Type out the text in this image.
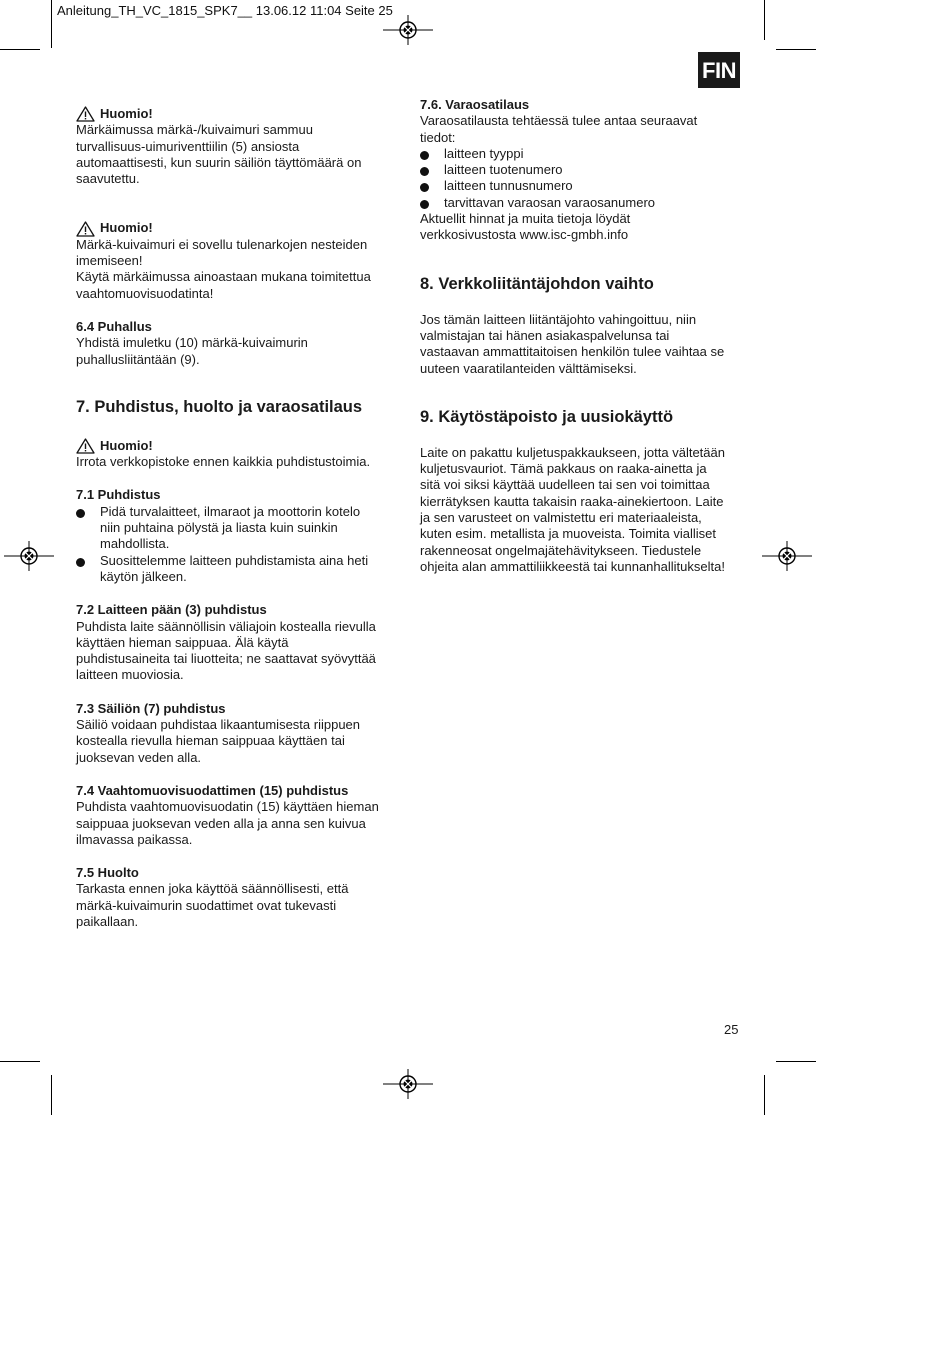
Anleitung_TH_VC_1815_SPK7__ 13.06.12 11:04 Seite 25
FIN
Huomio!
Märkäimussa märkä-/kuivaimuri sammuu
turvallisuus-uimuriventtiilin (5) ansiosta
automaattisesti, kun suurin säiliön täyttömäärä on
saavutettu.
Huomio!
Märkä-kuivaimuri ei sovellu tulenarkojen nesteiden
imemiseen!
Käytä märkäimussa ainoastaan mukana toimitettua
vaahtomuovisuodatinta!
6.4 Puhallus
Yhdistä imuletku (10) märkä-kuivaimurin
puhallusliitäntään (9).
7. Puhdistus, huolto ja varaosatilaus
Huomio!
Irrota verkkopistoke ennen kaikkia puhdistustoimia.
7.1 Puhdistus
Pidä turvalaitteet, ilmaraot ja moottorin kotelo
niin puhtaina pölystä ja liasta kuin suinkin
mahdollista.
Suosittelemme laitteen puhdistamista aina heti
käytön jälkeen.
7.2 Laitteen pään (3) puhdistus
Puhdista laite säännöllisin väliajoin kostealla rievulla
käyttäen hieman saippuaa. Älä käytä
puhdistusaineita tai liuotteita; ne saattavat syövyttää
laitteen muoviosia.
7.3 Säiliön (7) puhdistus
Säiliö voidaan puhdistaa likaantumisesta riippuen
kostealla rievulla hieman saippuaa käyttäen tai
juoksevan veden alla.
7.4 Vaahtomuovisuodattimen (15) puhdistus
Puhdista vaahtomuovisuodatin (15) käyttäen hieman
saippuaa juoksevan veden alla ja anna sen kuivua
ilmavassa paikassa.
7.5 Huolto
Tarkasta ennen joka käyttöä säännöllisesti, että
märkä-kuivaimurin suodattimet ovat tukevasti
paikallaan.
7.6. Varaosatilaus
Varaosatilausta tehtäessä tulee antaa seuraavat
tiedot:
laitteen tyyppi
laitteen tuotenumero
laitteen tunnusnumero
tarvittavan varaosan varaosanumero
Aktuellit hinnat ja muita tietoja löydät
verkkosivustosta www.isc-gmbh.info
8. Verkkoliitäntäjohdon vaihto
Jos tämän laitteen liitäntäjohto vahingoittuu, niin
valmistajan tai hänen asiakaspalvelunsa tai
vastaavan ammattitaitoisen henkilön tulee vaihtaa se
uuteen vaaratilanteiden välttämiseksi.
9. Käytöstäpoisto ja uusiokäyttö
Laite on pakattu kuljetuspakkaukseen, jotta vältetään
kuljetusvauriot. Tämä pakkaus on raaka-ainetta ja
sitä voi siksi käyttää uudelleen tai sen voi toimittaa
kierrätyksen kautta takaisin raaka-ainekiertoon. Laite
ja sen varusteet on valmistettu eri materiaaleista,
kuten esim. metallista ja muoveista. Toimita vialliset
rakenneosat ongelmajätehävitykseen. Tiedustele
ohjeita alan ammattiliikkeestä tai kunnanhallitukselta!
25
